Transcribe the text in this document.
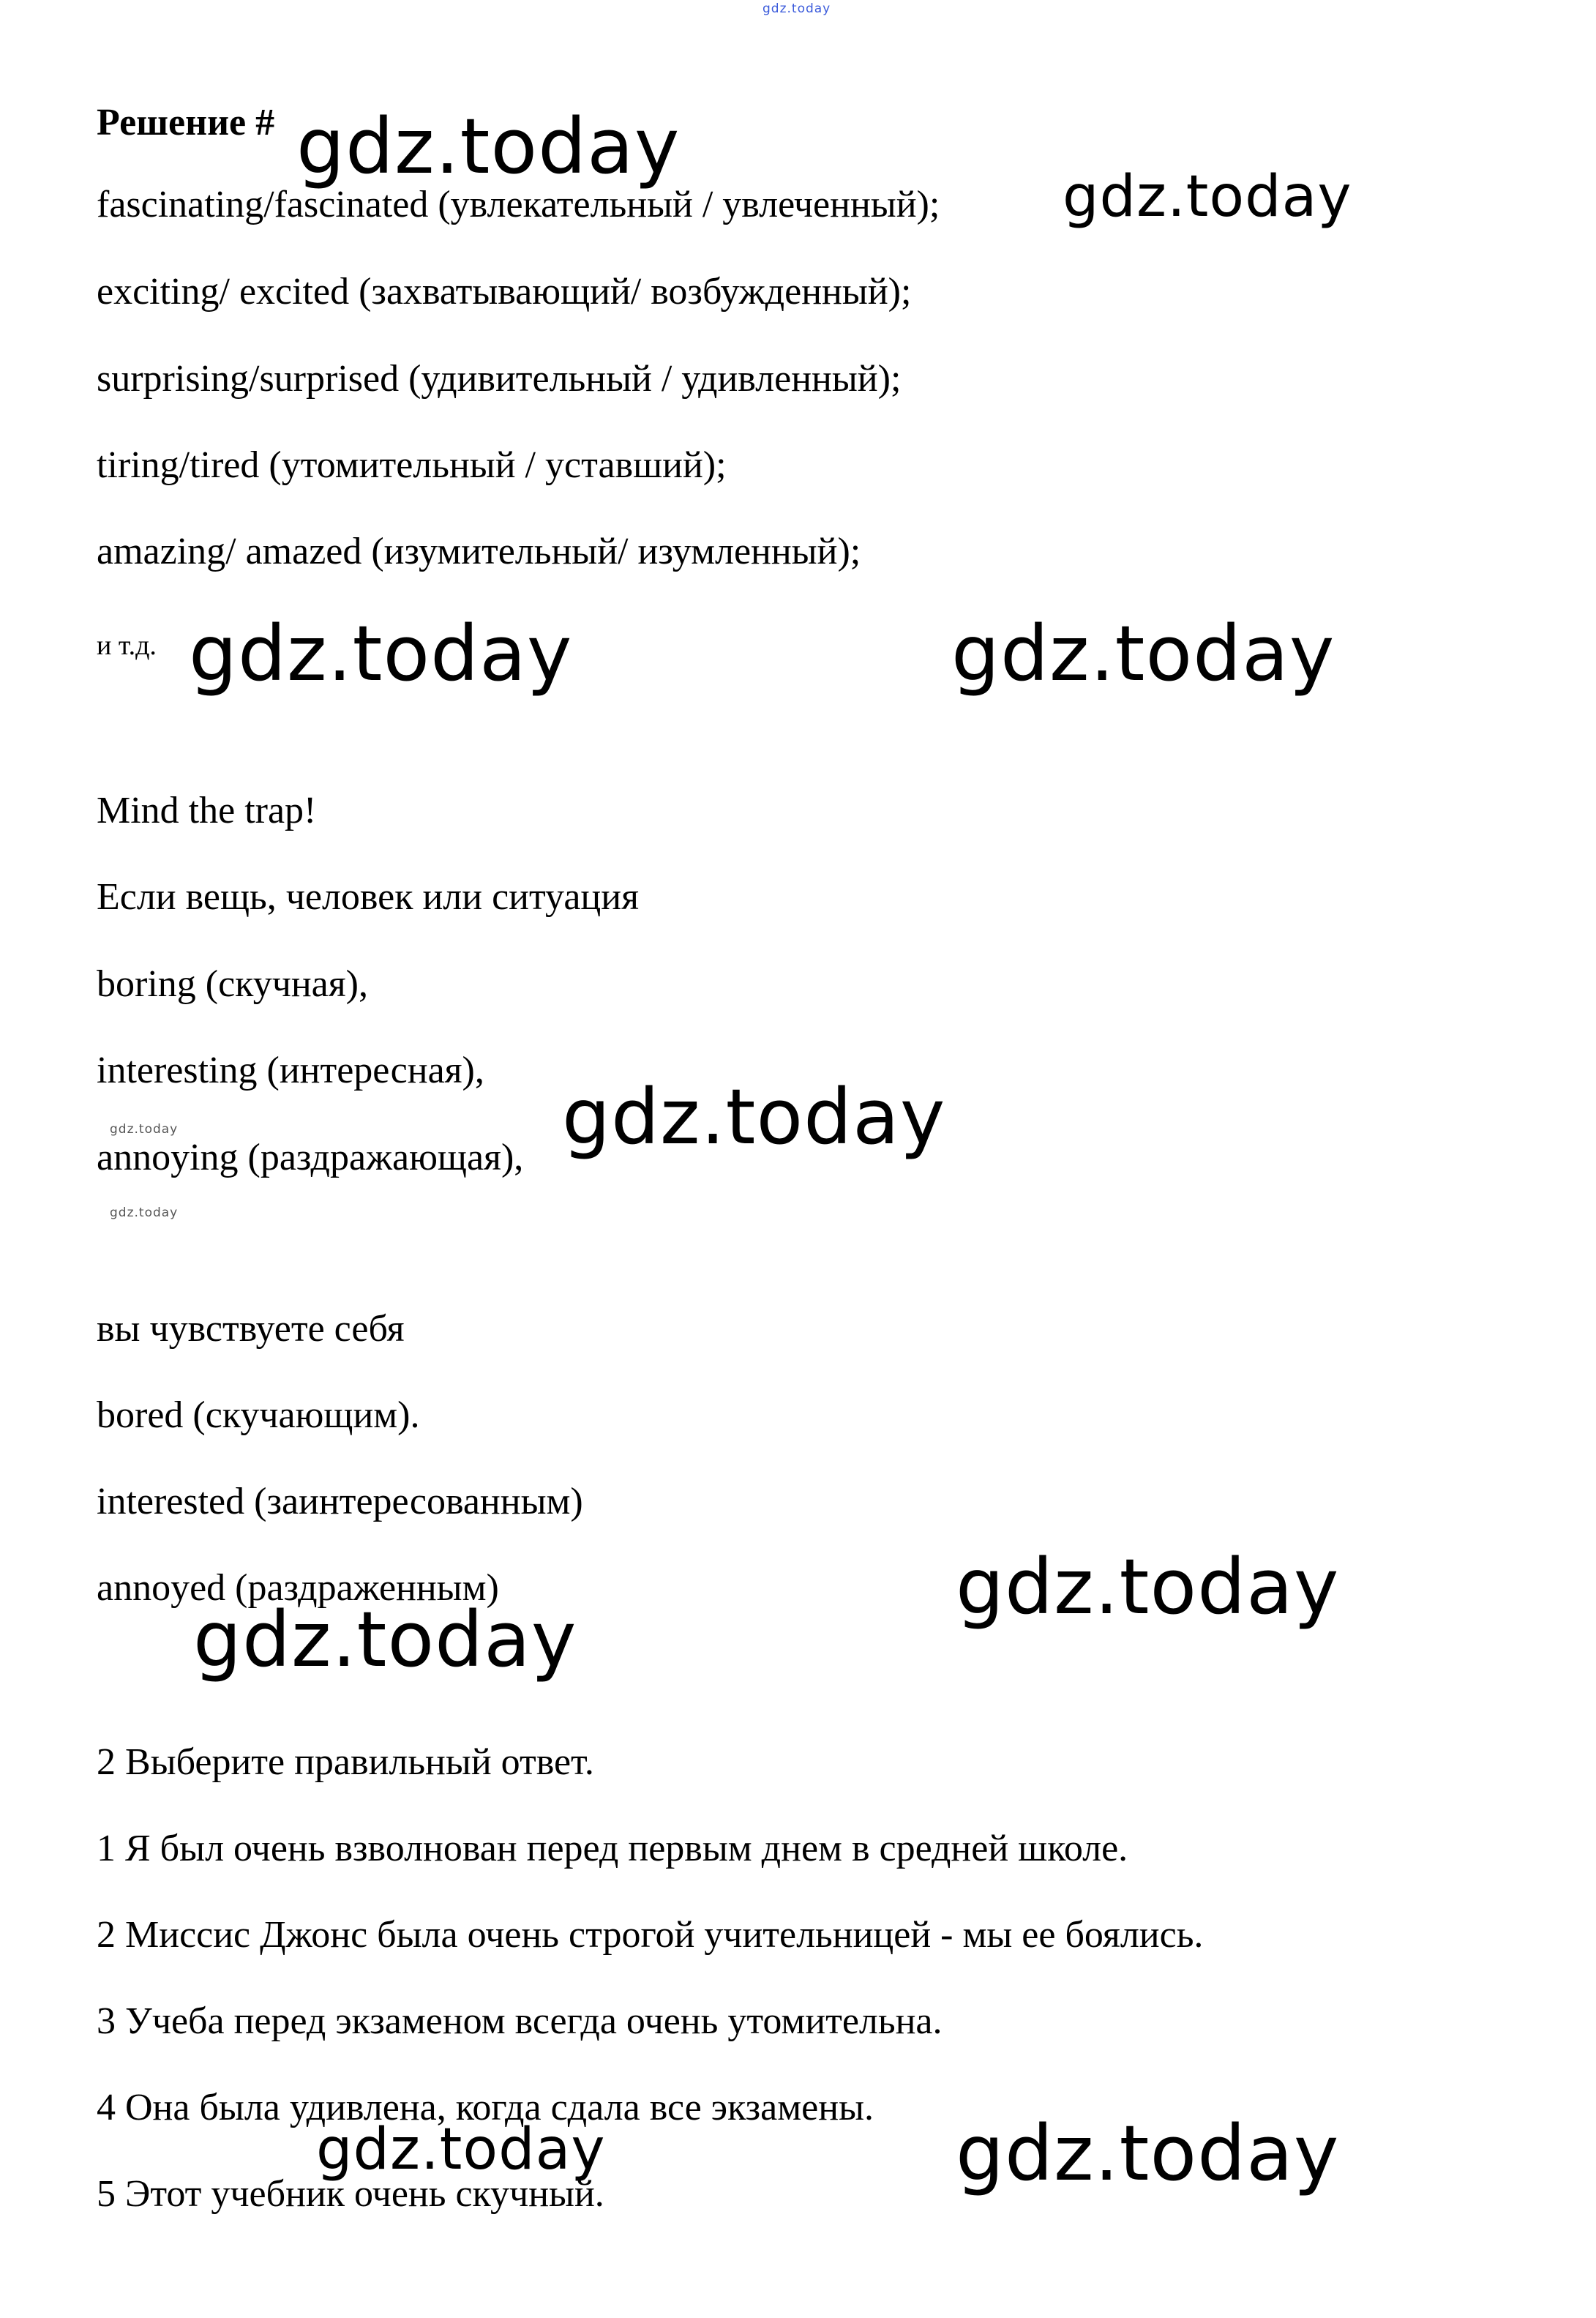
gdz.today
Решение #
fascinating/fascinated (увлекательный / увлеченный);
exciting/ excited (захватывающий/ возбужденный);
surprising/surprised (удивительный / удивленный);
tiring/tired (утомительный / уставший);
amazing/ amazed (изумительный/ изумленный);
и т.д.
Mind the trap!
Если вещь, человек или ситуация
boring (скучная),
interesting (интересная),
annoying (раздражающая),
вы чувствуете себя
bored (скучающим).
interested (заинтересованным)
annoyed (раздраженным)
2 Выберите правильный ответ.
1 Я был очень взволнован перед первым днем в средней школе.
2 Миссис Джонс была очень строгой учительницей - мы ее боялись.
3 Учеба перед экзаменом всегда очень утомительна.
4 Она была удивлена, когда сдала все экзамены.
5 Этот учебник очень скучный.
gdz.today
gdz.today
gdz.today	gdz.today
gdz.today
gdz.today
gdz.today
gdz.today
gdz.today
gdz.today	gdz.today
